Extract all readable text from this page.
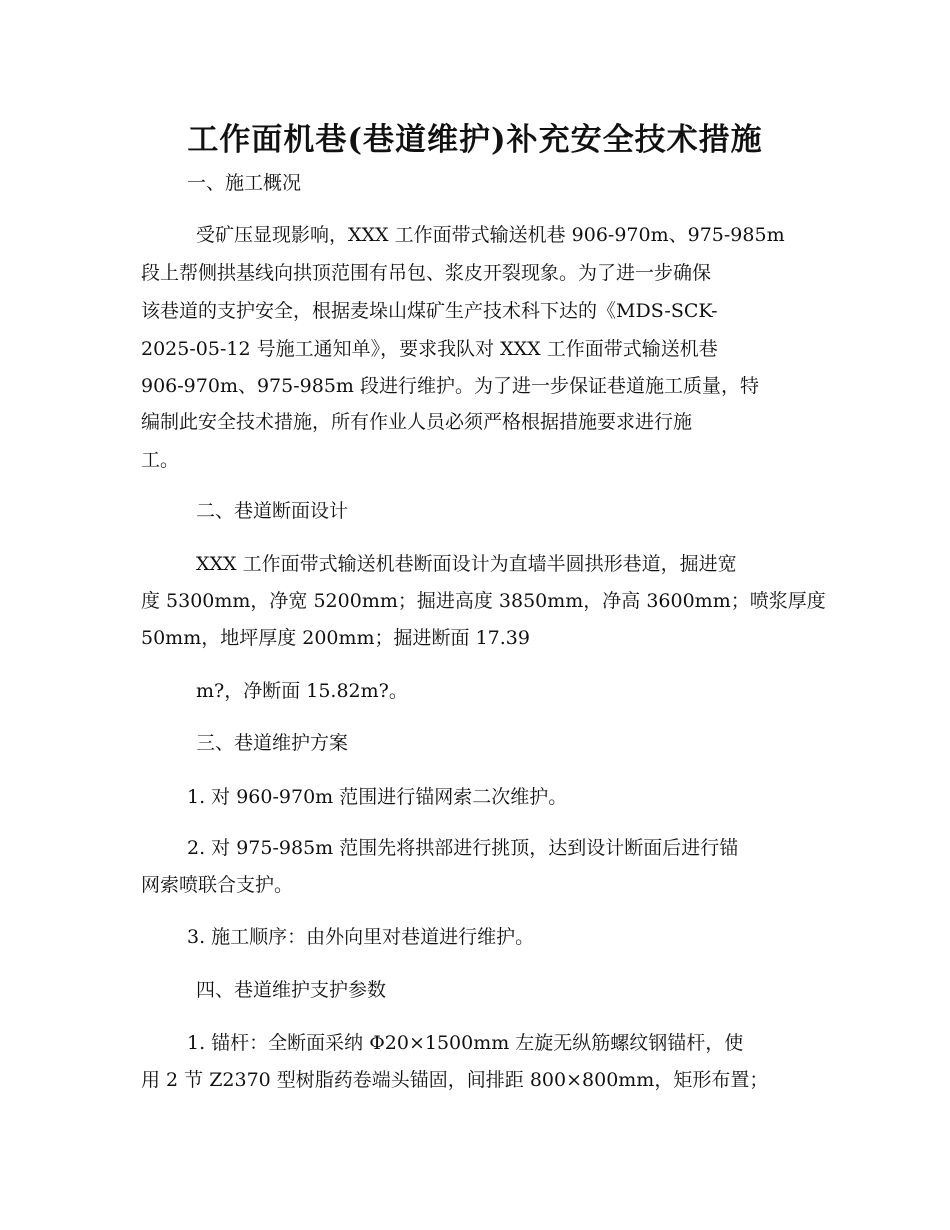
工作面机巷(巷道维护)补充安全技术措施
一、施工概况
受矿压显现影响，XXX 工作面带式输送机巷 906-970m、975-985m
段上帮侧拱基线向拱顶范围有吊包、浆皮开裂现象。为了进一步确保
该巷道的支护安全，根据麦垛山煤矿生产技术科下达的《MDS-SCK-
2025-05-12 号施工通知单》，要求我队对 XXX 工作面带式输送机巷
906-970m、975-985m 段进行维护。为了进一步保证巷道施工质量，特
编制此安全技术措施，所有作业人员必须严格根据措施要求进行施
工。
二、巷道断面设计
XXX 工作面带式输送机巷断面设计为直墙半圆拱形巷道，掘进宽
度 5300mm，净宽 5200mm；掘进高度 3850mm，净高 3600mm；喷浆厚度
50mm，地坪厚度 200mm；掘进断面 17.39
m?，净断面 15.82m?。
三、巷道维护方案
1. 对 960-970m 范围进行锚网索二次维护。
2. 对 975-985m 范围先将拱部进行挑顶，达到设计断面后进行锚
网索喷联合支护。
3. 施工顺序：由外向里对巷道进行维护。
四、巷道维护支护参数
1. 锚杆：全断面采纳 Φ20×1500mm 左旋无纵筋螺纹钢锚杆，使
用 2 节 Z2370 型树脂药卷端头锚固，间排距 800×800mm，矩形布置；
